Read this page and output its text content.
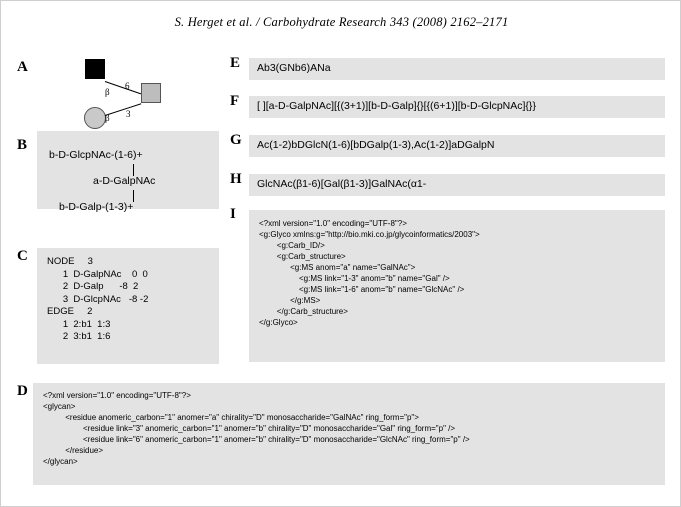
S. Herget et al. / Carbohydrate Research 343 (2008) 2162–2171
A
β
6
3
β
B
b-D-GlcpNAc-(1-6)+
a-D-GalpNAc
b-D-Galp-(1-3)+
C NODE     3
1  D-GalpNAc    0  0
2  D-Galp      -8  2
3  D-GlcpNAc   -8 -2
EDGE     2
1  2:b1  1:3
2  3:b1  1:6
D <?xml version="1.0" encoding="UTF-8"?>
<glycan>
<residue anomeric_carbon="1" anomer="a" chirality="D" monosaccharide="GalNAc" ring_form="p">
<residue link="3" anomeric_carbon="1" anomer="b" chirality="D" monosaccharide="Gal" ring_form="p" />
<residue link="6" anomeric_carbon="1" anomer="b" chirality="D" monosaccharide="GlcNAc" ring_form="p" />
</residue>
</glycan>
E Ab3(GNb6)ANa
F [ ][a-D-GalpNAc][{(3+1)][b-D-Galp]{}[{(6+1)][b-D-GlcpNAc]{}}
G Ac(1-2)bDGlcN(1-6)[bDGalp(1-3),Ac(1-2)]aDGalpN
H GlcNAc(β1-6)[Gal(β1-3)]GalNAc(α1-
I
<?xml version="1.0" encoding="UTF-8"?>
<g:Glyco xmlns:g="http://bio.mki.co.jp/glycoinformatics/2003">
<g:Carb_ID/>
<g:Carb_structure>
<g:MS anom="a" name="GalNAc">
<g:MS link="1-3" anom="b" name="Gal" />
<g:MS link="1-6" anom="b" name="GlcNAc" />
</g:MS>
</g:Carb_structure>
</g:Glyco>
